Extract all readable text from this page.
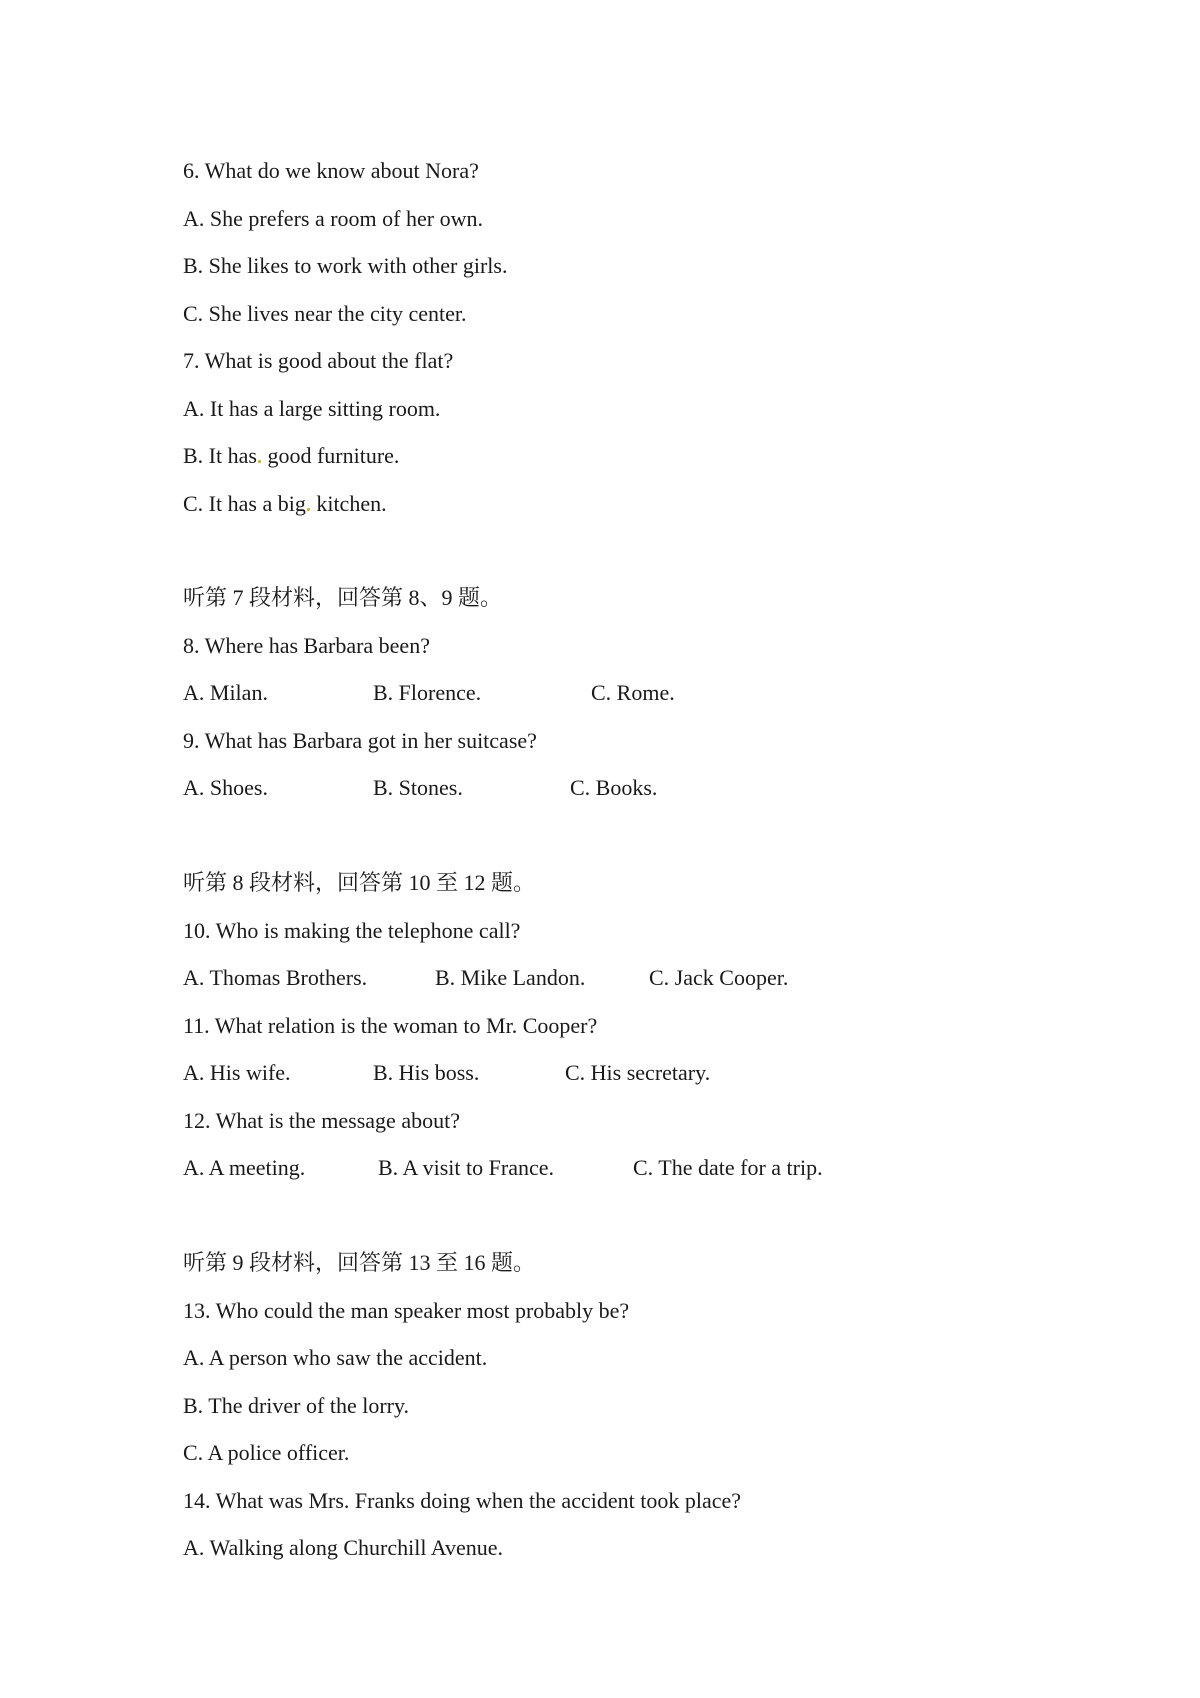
6. What do we know about Nora?
A. She prefers a room of her own.
B. She likes to work with other girls.
C. She lives near the city center.
7. What is good about the flat?
A. It has a large sitting room.
B. It has good furniture.
C. It has a big kitchen.
听第 7 段材料，回答第 8、9 题。
8. Where has Barbara been?
A. Milan.	B. Florence.	C. Rome.
9. What has Barbara got in her suitcase?
A. Shoes.	B. Stones.	C. Books.
听第 8 段材料，回答第 10 至 12 题。
10. Who is making the telephone call?
A. Thomas Brothers.	B. Mike Landon.	C. Jack Cooper.
11. What relation is the woman to Mr. Cooper?
A. His wife.	B. His boss.	C. His secretary.
12. What is the message about?
A. A meeting.	B. A visit to France.	C. The date for a trip.
听第 9 段材料，回答第 13 至 16 题。
13. Who could the man speaker most probably be?
A. A person who saw the accident.
B. The driver of the lorry.
C. A police officer.
14. What was Mrs. Franks doing when the accident took place?
A. Walking along Churchill Avenue.
